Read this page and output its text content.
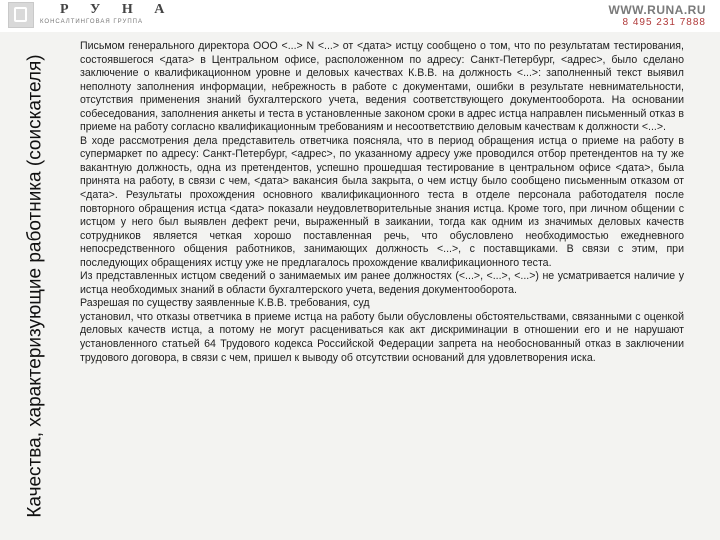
Р У Н А
КОНСАЛТИНГОВАЯ ГРУППА
WWW.RUNA.RU
8 495 231 7888
Качества, характеризующие работника (соискателя)

Письмом генерального директора ООО <...> N <...> от <дата> истцу сообщено о том, что по результатам тестирования, состоявшегося <дата> в Центральном офисе, расположенном по адресу: Санкт-Петербург, <адрес>, было сделано заключение о квалификационном уровне и деловых качествах К.В.В. на должность <...>: заполненный текст выявил неполноту заполнения информации, небрежность в работе с документами, ошибки в результате невнимательности, отсутствия применения знаний бухгалтерского учета, ведения соответствующего документооборота. На основании собеседования, заполнения анкеты и теста в установленные законом сроки в адрес истца направлен письменный отказ в приеме на работу согласно квалификационным требованиям и несоответствию деловым качествам к должности <...>.

В ходе рассмотрения дела представитель ответчика поясняла, что в период обращения истца о приеме на работу в супермаркет по адресу: Санкт-Петербург, <адрес>, по указанному адресу уже проводился отбор претендентов на ту же вакантную должность, одна из претендентов, успешно прошедшая тестирование в центральном офисе <дата>, была принята на работу, в связи с чем, <дата> вакансия была закрыта, о чем истцу было сообщено письменным отказом от <дата>. Результаты прохождения основного квалификационного теста в отделе персонала работодателя после повторного обращения истца <дата> показали неудовлетворительные знания истца. Кроме того, при личном общении с истцом у него был выявлен дефект речи, выраженный в заикании, тогда как одним из значимых деловых качеств сотрудников является четкая хорошо поставленная речь, что обусловлено необходимостью ежедневного непосредственного общения работников, занимающих должность <...>, с поставщиками. В связи с этим, при последующих обращениях истцу уже не предлагалось прохождение квалификационного теста.

Из представленных истцом сведений о занимаемых им ранее должностях (<...>, <...>, <...>) не усматривается наличие у истца необходимых знаний в области бухгалтерского учета, ведения документооборота.

Разрешая по существу заявленные К.В.В. требования, суд

установил, что отказы ответчика в приеме истца на работу были обусловлены обстоятельствами, связанными с оценкой деловых качеств истца, а потому не могут расцениваться как акт дискриминации в отношении его и не нарушают установленного статьей 64 Трудового кодекса Российской Федерации запрета на необоснованный отказ в заключении трудового договора, в связи с чем, пришел к выводу об отсутствии оснований для удовлетворения иска.
